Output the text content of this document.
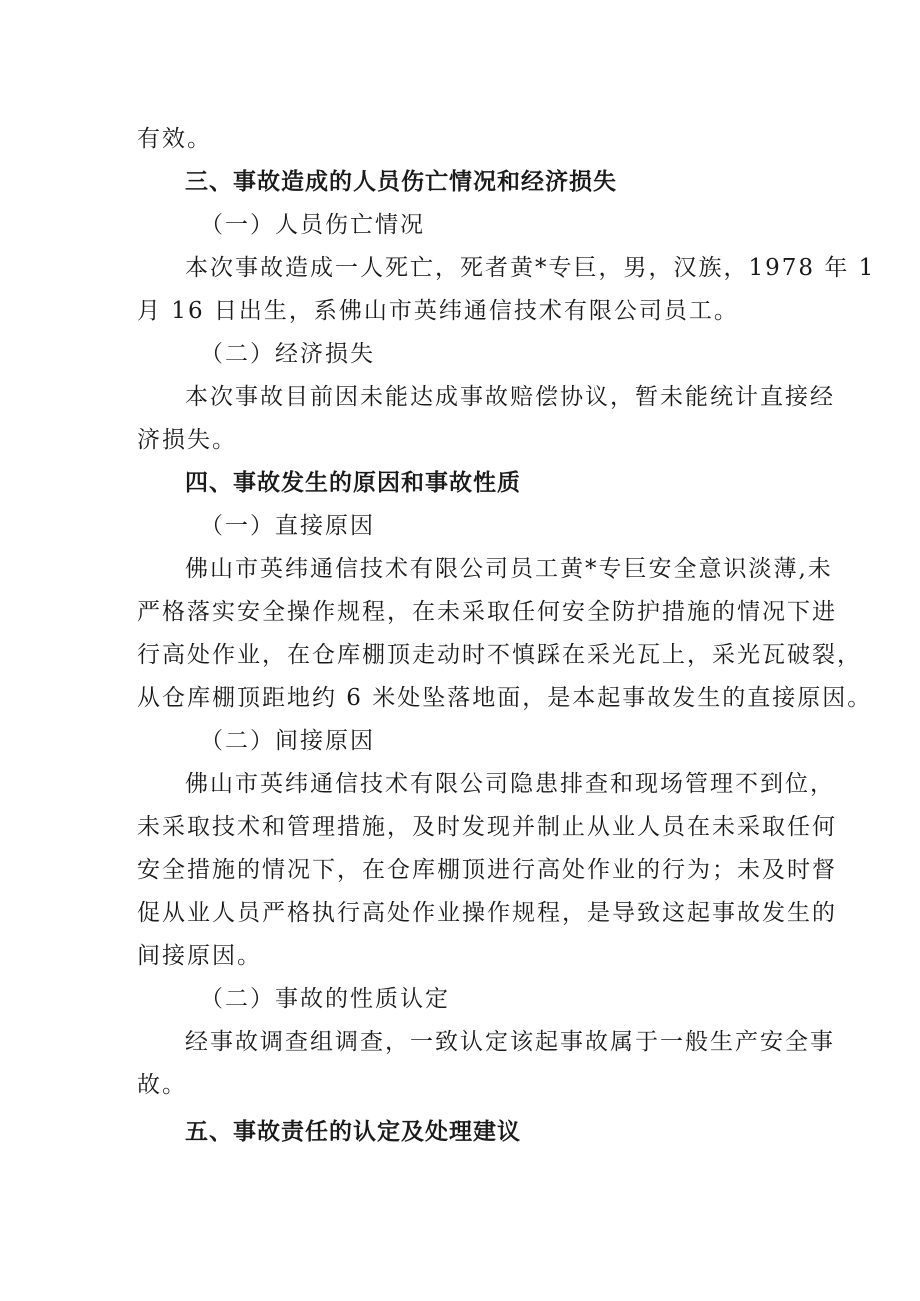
有效。

三、事故造成的人员伤亡情况和经济损失

（一）人员伤亡情况

本次事故造成一人死亡，死者黄*专巨，男，汉族，1978 年 1

月 16 日出生，系佛山市英纬通信技术有限公司员工。

（二）经济损失

本次事故目前因未能达成事故赔偿协议，暂未能统计直接经

济损失。

四、事故发生的原因和事故性质

（一）直接原因

佛山市英纬通信技术有限公司员工黄*专巨安全意识淡薄,未

严格落实安全操作规程，在未采取任何安全防护措施的情况下进

行高处作业，在仓库棚顶走动时不慎踩在采光瓦上，采光瓦破裂，

从仓库棚顶距地约 6 米处坠落地面，是本起事故发生的直接原因。

（二）间接原因

佛山市英纬通信技术有限公司隐患排查和现场管理不到位，

未采取技术和管理措施，及时发现并制止从业人员在未采取任何

安全措施的情况下，在仓库棚顶进行高处作业的行为；未及时督

促从业人员严格执行高处作业操作规程，是导致这起事故发生的

间接原因。

（二）事故的性质认定

经事故调查组调查，一致认定该起事故属于一般生产安全事

故。

五、事故责任的认定及处理建议
